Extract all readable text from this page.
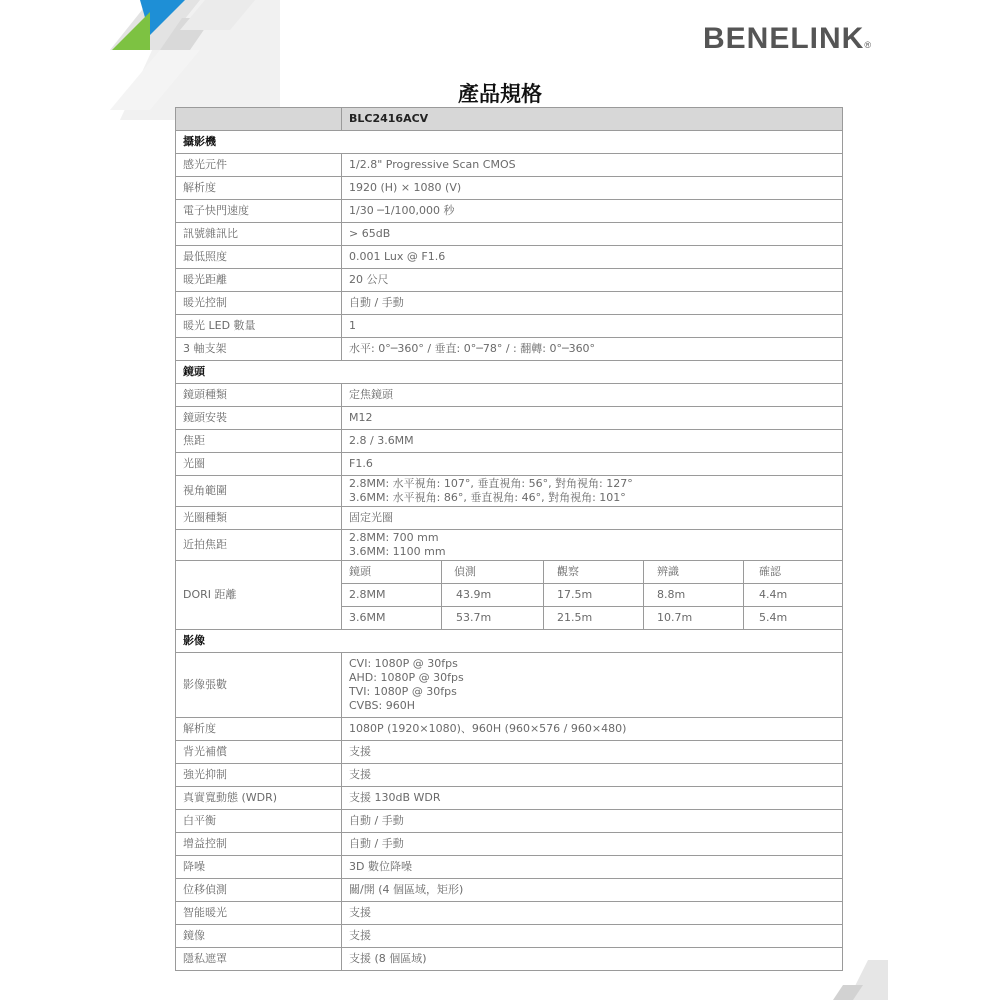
BENELINK®
產品規格
	BLC2416ACV				
攝影機					
感光元件	1/2.8" Progressive Scan CMOS				
解析度	1920 (H) × 1080 (V)				
電子快門速度	1/30 ─1/100,000 秒				
訊號雜訊比	> 65dB				
最低照度	0.001 Lux @ F1.6				
暖光距離	20 公尺				
暖光控制	自動 / 手動				
暖光 LED 數量	1				
3 軸支架	水平: 0°─360° / 垂直: 0°─78° / : 翻轉: 0°─360°				
鏡頭					
鏡頭種類	定焦鏡頭				
鏡頭安裝	M12				
焦距	2.8 / 3.6MM				
光圈	F1.6				
視角範圍	2.8MM: 水平視角: 107°, 垂直視角: 56°, 對角視角: 127°
3.6MM: 水平視角: 86°, 垂直視角: 46°, 對角視角: 101°				

光圈種類	固定光圈				
近拍焦距	2.8MM: 700 mm
3.6MM: 1100 mm				

DORI 距離	鏡頭	偵測	觀察	辨識	確認
	2.8MM	43.9m	17.5m	8.8m	4.4m
	3.6MM	53.7m	21.5m	10.7m	5.4m
影像					
影像張數	CVI: 1080P @ 30fps
AHD: 1080P @ 30fps
TVI: 1080P @ 30fps
CVBS: 960H				

解析度	1080P (1920×1080)、960H (960×576 / 960×480)				
背光補償	支援				
強光抑制	支援				
真實寬動態 (WDR)	支援 130dB WDR				
白平衡	自動 / 手動				
增益控制	自動 / 手動				
降噪	3D 數位降噪				
位移偵測	關/開 (4 個區域，矩形)				
智能暖光	支援				
鏡像	支援				
隱私遮罩	支援 (8 個區域)				
